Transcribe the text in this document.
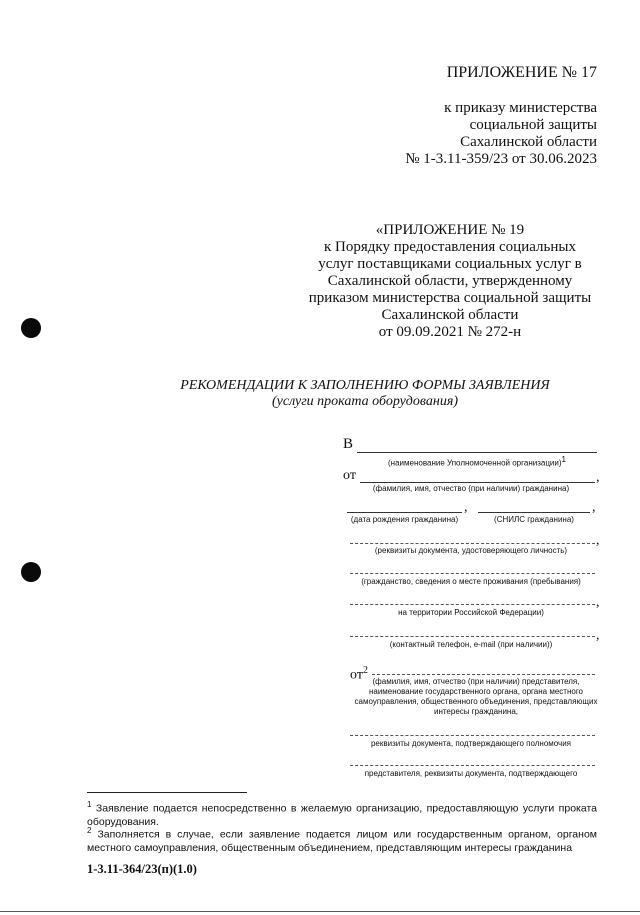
ПРИЛОЖЕНИЕ № 17
к приказу министерства
социальной защиты
Сахалинской области
№ 1-3.11-359/23 от 30.06.2023
«ПРИЛОЖЕНИЕ № 19
к Порядку предоставления социальных
услуг поставщиками социальных услуг в
Сахалинской области, утвержденному
приказом министерства социальной защиты
Сахалинской области
от 09.09.2021 № 272-н
РЕКОМЕНДАЦИИ К ЗАПОЛНЕНИЮ ФОРМЫ ЗАЯВЛЕНИЯ
(услуги проката оборудования)
В
(наименование Уполномоченной организации)$^1$
от	,
(фамилия, имя, отчество (при наличии) гражданина)
,	,
(дата рождения гражданина)	(СНИЛС гражданина)
,
(реквизиты документа, удостоверяющего личность)
(гражданство, сведения о месте проживания (пребывания)
,
на территории Российской Федерации)
,
(контактный телефон, e-mail (при наличии))
$от^2$
(фамилия, имя, отчество (при наличии) представителя,
наименование государственного органа, органа местного
самоуправления, общественного объединения, представляющих
интересы гражданина,
реквизиты документа, подтверждающего полномочия
представителя, реквизиты документа, подтверждающего
$^1$ Заявление подается непосредственно в желаемую организацию, предоставляющую услуги проката оборудования.
$^2$ Заполняется в случае, если заявление подается лицом или государственным органом, органом местного самоуправления, общественным объединением, представляющим интересы гражданина
1-3.11-364/23(п)(1.0)
